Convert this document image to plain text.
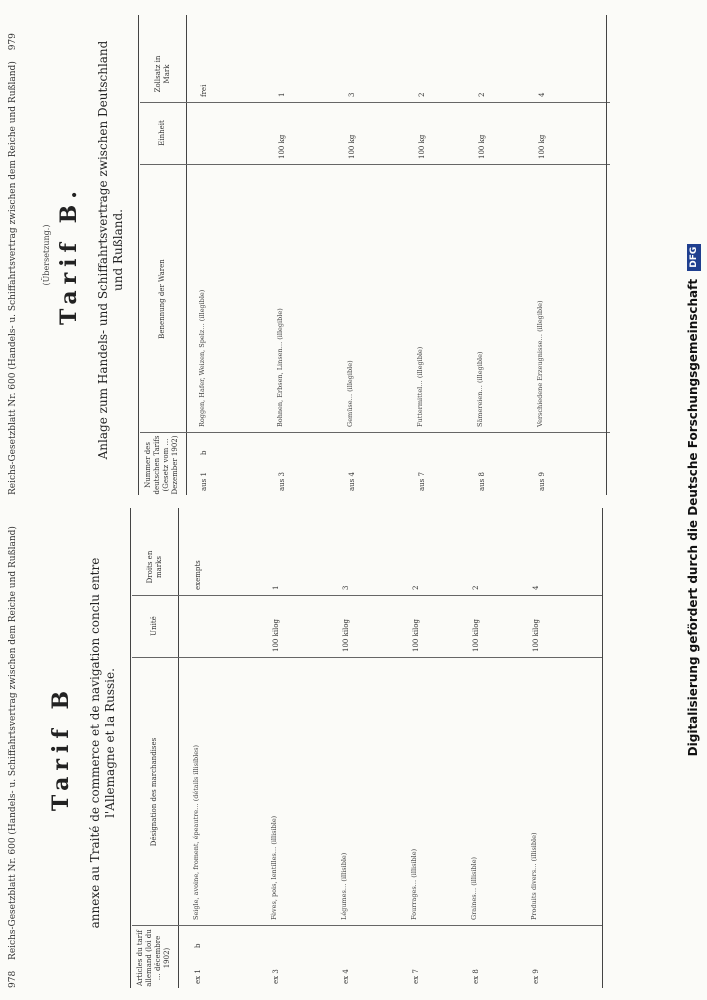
978 Reichs-Gesetzblatt Nr. 600 (Handels- u. Schiffahrtsvertrag zwischen dem Reiche und Rußland) Tarif B annexe au Traité de commerce et de navigation conclu entre l'Allemagne et la Russie.
Articles du tarif allemand (loi du … décembre 1902)
Désignation des marchandises
Unité
Droits en marks
ex 1
b
Seigle, avoine, froment, épeautre… (détails illisibles)
exempts
ex 3
Fèves, pois, lentilles… (illisible)
100 kilog
1
ex 4
Légumes… (illisible)
100 kilog
3
ex 7
Fourrages… (illisible)
100 kilog
2
ex 8
Graines… (illisible)
100 kilog
2
ex 9
Produits divers… (illisible)
100 kilog
4
Reichs-Gesetzblatt Nr. 600 (Handels- u. Schiffahrtsvertrag zwischen dem Reiche und Rußland) 979
(Übersetzung.) Tarif B. Anlage zum Handels- und Schiffahrtsvertrage zwischen Deutschland und Rußland.
Nummer des deutschen Tarifs (Gesetz vom … Dezember 1902)
Benennung der Waren
Einheit
Zollsatz in Mark
aus 1
b
Roggen, Hafer, Weizen, Spelz… (illegible)
frei
aus 3
Bohnen, Erbsen, Linsen… (illegible)
100 kg
1
aus 4
Gemüse… (illegible)
100 kg
3
aus 7
Futtermittel… (illegible)
100 kg
2
aus 8
Sämereien… (illegible)
100 kg
2
aus 9
Verschiedene Erzeugnisse… (illegible)
100 kg
4
Digitalisierung gefördert durch die Deutsche Forschungsgemeinschaft DFG
